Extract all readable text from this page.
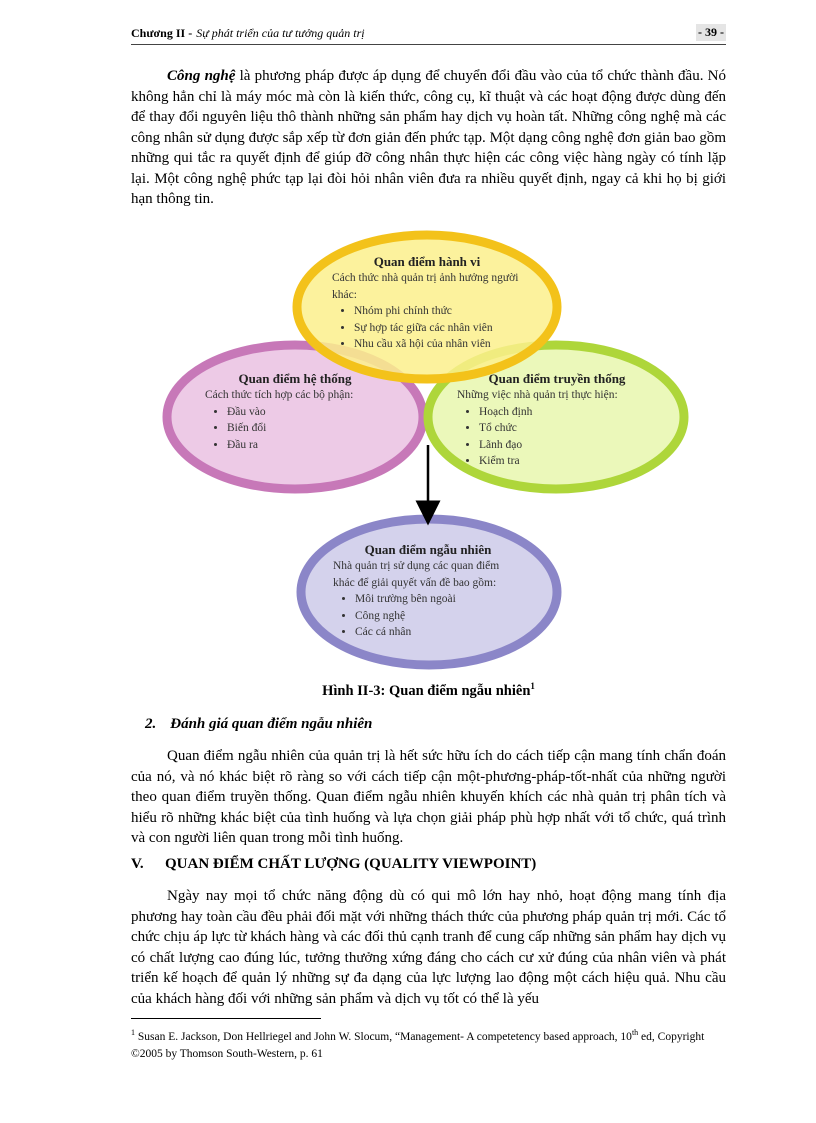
Chương II - Sự phát triển của tư tưởng quản trị	- 39 -

Công nghệ là phương pháp được áp dụng để chuyển đổi đầu vào của tổ chức thành đầu. Nó không hẳn chỉ là máy móc mà còn là kiến thức, công cụ, kĩ thuật và các hoạt động được dùng đến để thay đổi nguyên liệu thô thành những sản phẩm hay dịch vụ hoàn tất. Những công nghệ mà các công nhân sử dụng được sắp xếp từ đơn giản đến phức tạp. Một dạng công nghệ đơn giản bao gồm những qui tắc ra quyết định để giúp đỡ công nhân thực hiện các công việc hàng ngày có tính lặp lại. Một công nghệ phức tạp lại đòi hỏi nhân viên đưa ra nhiều quyết định, ngay cả khi họ bị giới hạn thông tin.

Quan điểm hành vi
Cách thức nhà quản trị ảnh hưởng người khác:
• Nhóm phi chính thức
• Sự hợp tác giữa các nhân viên
• Nhu cầu xã hội của nhân viên
Quan điểm hệ thống
Cách thức tích hợp các bộ phận:
• Đầu vào
• Biến đổi
• Đầu ra
Quan điểm truyền thống
Những việc nhà quản trị thực hiện:
• Hoạch định
• Tổ chức
• Lãnh đạo
• Kiểm tra
Quan điểm ngẫu nhiên
Nhà quản trị sử dụng các quan điểm khác để giải quyết vấn đề bao gồm:
• Môi trường bên ngoài
• Công nghệ
• Các cá nhân
Hình II-3: Quan điểm ngẫu nhiên$^1$
2. Đánh giá quan điểm ngẫu nhiên

Quan điểm ngẫu nhiên của quản trị là hết sức hữu ích do cách tiếp cận mang tính chẩn đoán của nó, và nó khác biệt rõ ràng so với cách tiếp cận một-phương-pháp-tốt-nhất của những người theo quan điểm truyền thống. Quan điểm ngẫu nhiên khuyến khích các nhà quản trị phân tích và hiểu rõ những khác biệt của tình huống và lựa chọn giải pháp phù hợp nhất với tổ chức, quá trình và con người liên quan trong mỗi tình huống.

V. QUAN ĐIỂM CHẤT LƯỢNG (QUALITY VIEWPOINT)

Ngày nay mọi tổ chức năng động dù có qui mô lớn hay nhỏ, hoạt động mang tính địa phương hay toàn cầu đều phải đối mặt với những thách thức của phương pháp quản trị mới. Các tổ chức chịu áp lực từ khách hàng và các đối thủ cạnh tranh để cung cấp những sản phẩm hay dịch vụ có chất lượng cao đúng lúc, tưởng thưởng xứng đáng cho cách cư xử đúng của nhân viên và phát triển kế hoạch để quản lý những sự đa dạng của lực lượng lao động một cách hiệu quả. Nhu cầu của khách hàng đối với những sản phẩm và dịch vụ tốt có thể là yếu

$^1$ Susan E. Jackson, Don Hellriegel and John W. Slocum, “Management- A competetency based approach, 10th ed, Copyright ©2005 by Thomson South-Western, p. 61
